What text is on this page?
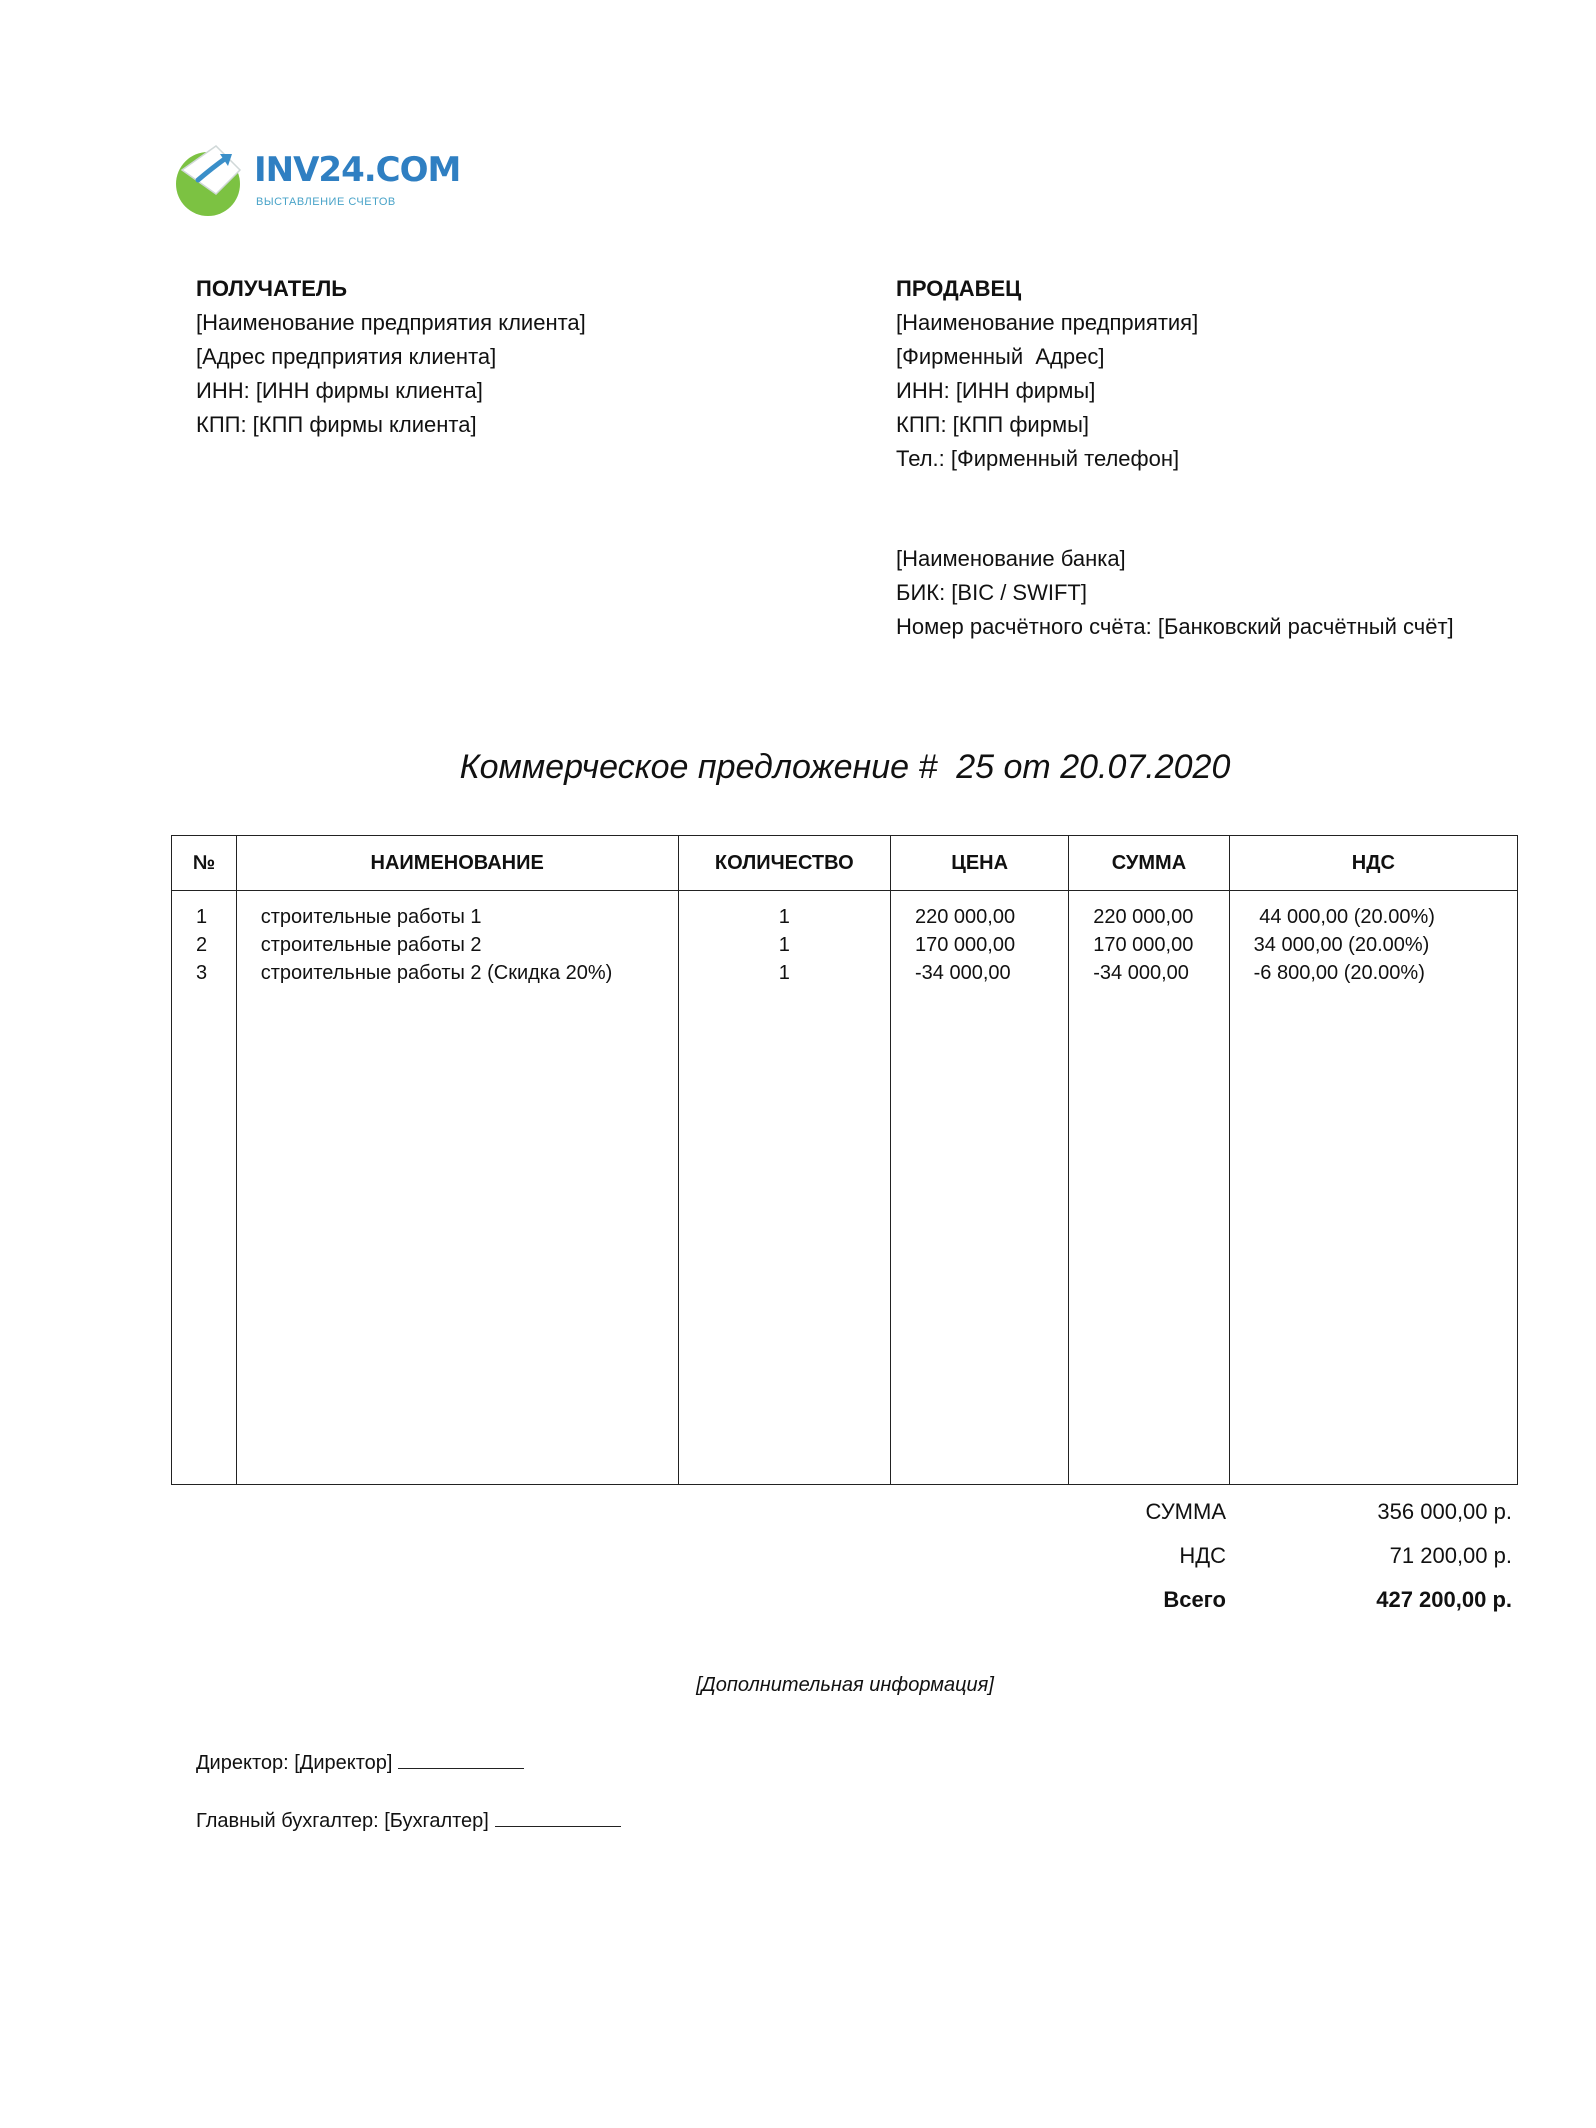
INV24.COM
ВЫСТАВЛЕНИЕ СЧЕТОВ
ПОЛУЧАТЕЛЬ
[Наименование предприятия клиента]
[Адрес предприятия клиента]
ИНН: [ИНН фирмы клиента]
КПП: [КПП фирмы клиента]
ПРОДАВЕЦ
[Наименование предприятия]
[Фирменный  Адрес]
ИНН: [ИНН фирмы]
КПП: [КПП фирмы]
Тел.: [Фирменный телефон]
[Наименование банка]
БИК: [BIC / SWIFT]
Номер расчётного счёта: [Банковский расчётный счёт]
Коммерческое предложение #  25 от 20.07.2020
№	НАИМЕНОВАНИЕ	КОЛИЧЕСТВО	ЦЕНА	СУММА	НДС
1	строительные работы 1	1	220 000,00	220 000,00	44 000,00 (20.00%)
2	строительные работы 2	1	170 000,00	170 000,00	34 000,00 (20.00%)
3	строительные работы 2 (Скидка 20%)	1	-34 000,00	-34 000,00	-6 800,00 (20.00%)

СУММА	356 000,00 р.
НДС	71 200,00 р.
Всего	427 200,00 р.
[Дополнительная информация]
Директор: [Директор]
Главный бухгалтер: [Бухгалтер]
